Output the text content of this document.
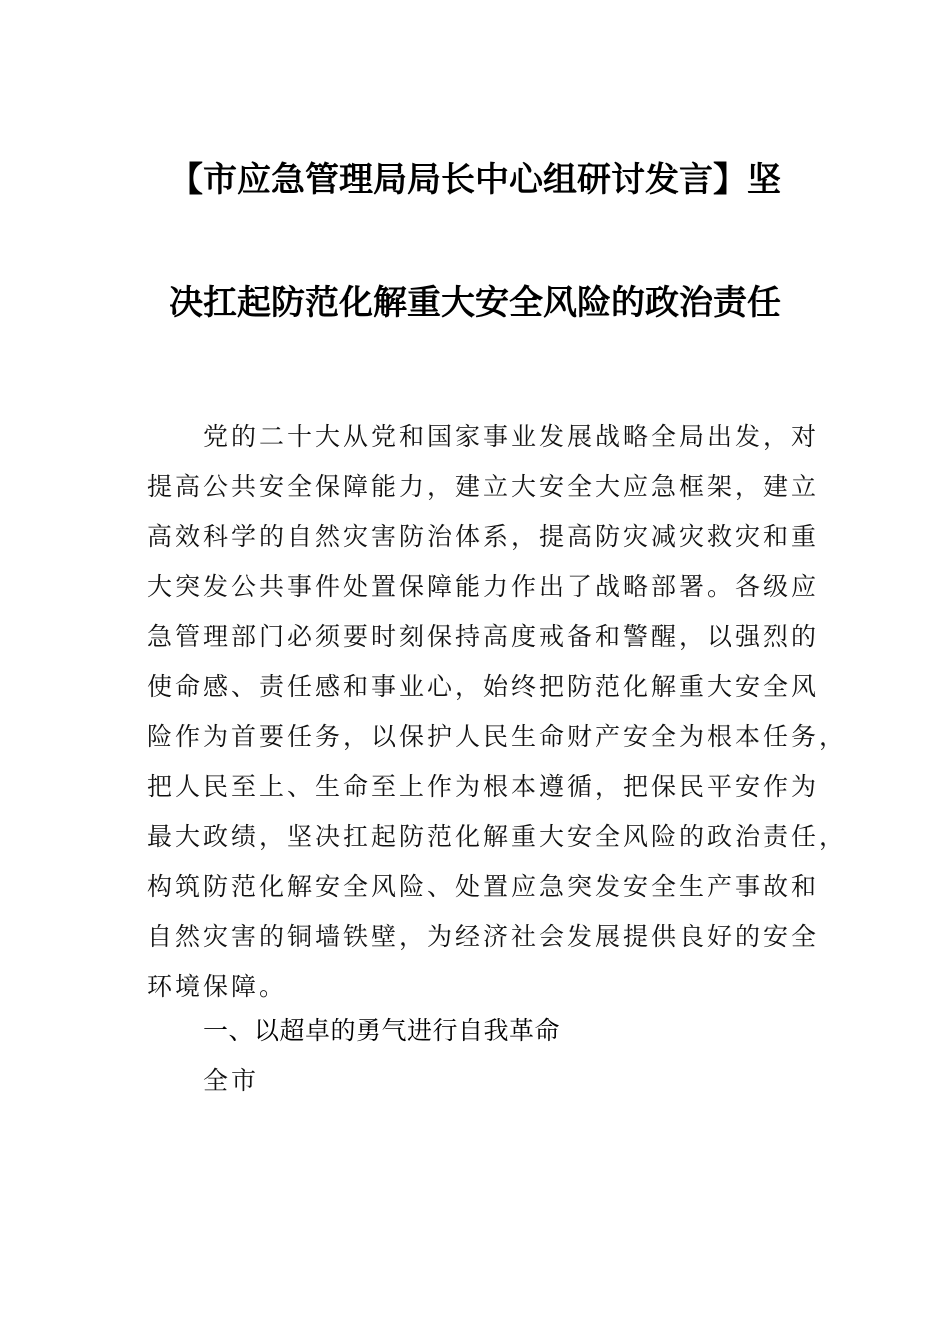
【市应急管理局局长中心组研讨发言】坚
决扛起防范化解重大安全风险的政治责任
党的二十大从党和国家事业发展战略全局出发，对
提高公共安全保障能力，建立大安全大应急框架，建立
高效科学的自然灾害防治体系，提高防灾减灾救灾和重
大突发公共事件处置保障能力作出了战略部署。各级应
急管理部门必须要时刻保持高度戒备和警醒，以强烈的
使命感、责任感和事业心，始终把防范化解重大安全风
险作为首要任务，以保护人民生命财产安全为根本任务，
把人民至上、生命至上作为根本遵循，把保民平安作为
最大政绩，坚决扛起防范化解重大安全风险的政治责任，
构筑防范化解安全风险、处置应急突发安全生产事故和
自然灾害的铜墙铁壁，为经济社会发展提供良好的安全
环境保障。
一、以超卓的勇气进行自我革命
全市
